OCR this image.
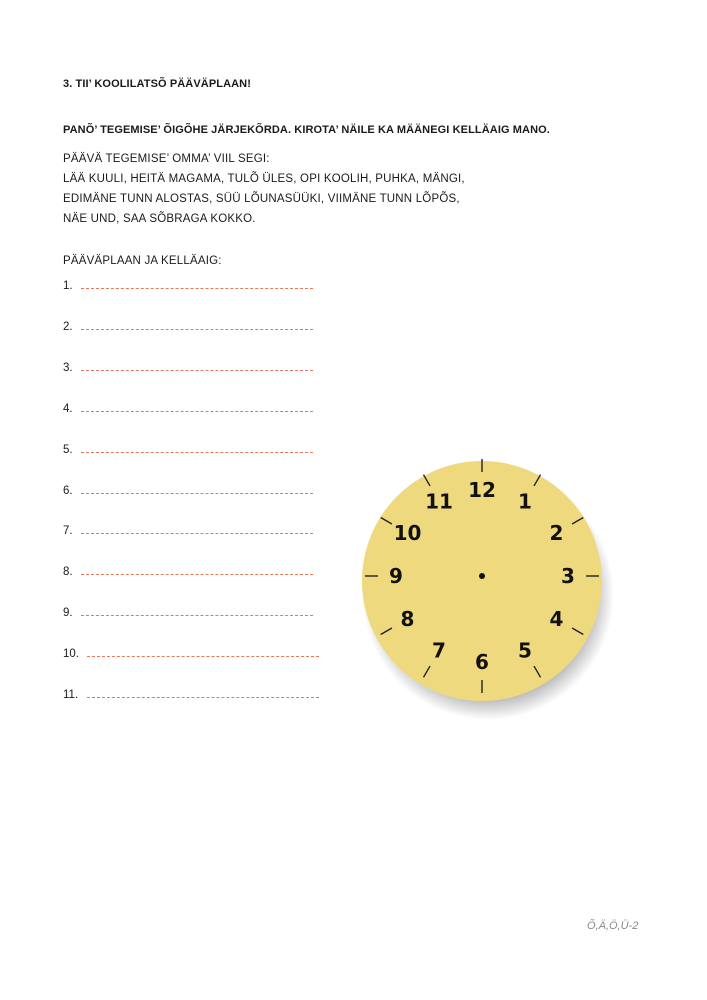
3. TII’ KOOLILATSÕ PÄÄVÄPLAAN!
PANÕ’ TEGEMISE’ ÕIGÕHE JÄRJEKÕRDA. KIROTA’ NÄILE KA MÄÄNEGI KELLÄAIG MANO.
PÄÄVÄ TEGEMISE’ OMMA’ VIIL SEGI:
LÄÄ KUULI, HEITÄ MAGAMA, TULÕ ÜLES, OPI KOOLIH, PUHKA, MÄNGI,
EDIMÄNE TUNN ALOSTAS, SÜÜ LÕUNASÜÜKI, VIIMÄNE TUNN LÕPÕS,
NÄE UND, SAA SÕBRAGA KOKKO.
PÄÄVÄPLAAN JA KELLÄAIG:
1.
2.
3.
4.
5.
6.
7.
8.
9.
10.
11.
12 1
2
3
4
5
6
7
8
9
10
11
Õ,Ä,Ö,Ü-2
